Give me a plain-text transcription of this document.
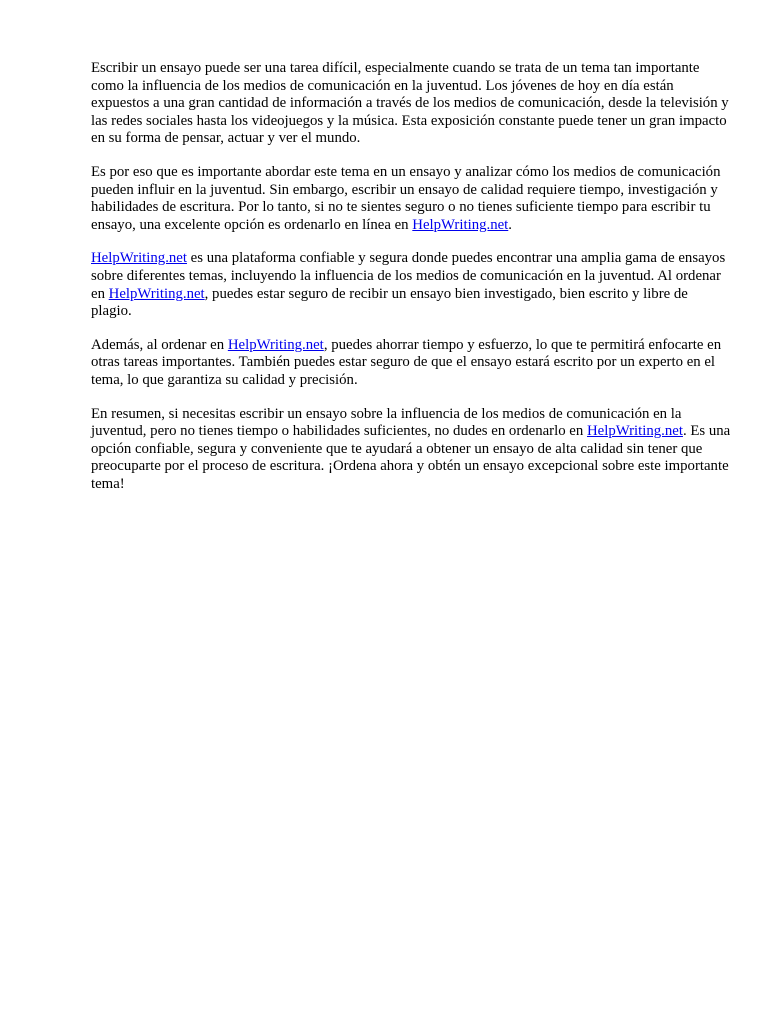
Escribir un ensayo puede ser una tarea difícil, especialmente cuando se trata de un tema tan importante como la influencia de los medios de comunicación en la juventud. Los jóvenes de hoy en día están expuestos a una gran cantidad de información a través de los medios de comunicación, desde la televisión y las redes sociales hasta los videojuegos y la música. Esta exposición constante puede tener un gran impacto en su forma de pensar, actuar y ver el mundo.

Es por eso que es importante abordar este tema en un ensayo y analizar cómo los medios de comunicación pueden influir en la juventud. Sin embargo, escribir un ensayo de calidad requiere tiempo, investigación y habilidades de escritura. Por lo tanto, si no te sientes seguro o no tienes suficiente tiempo para escribir tu ensayo, una excelente opción es ordenarlo en línea en HelpWriting.net.

HelpWriting.net es una plataforma confiable y segura donde puedes encontrar una amplia gama de ensayos sobre diferentes temas, incluyendo la influencia de los medios de comunicación en la juventud. Al ordenar en HelpWriting.net, puedes estar seguro de recibir un ensayo bien investigado, bien escrito y libre de plagio.

Además, al ordenar en HelpWriting.net, puedes ahorrar tiempo y esfuerzo, lo que te permitirá enfocarte en otras tareas importantes. También puedes estar seguro de que el ensayo estará escrito por un experto en el tema, lo que garantiza su calidad y precisión.

En resumen, si necesitas escribir un ensayo sobre la influencia de los medios de comunicación en la juventud, pero no tienes tiempo o habilidades suficientes, no dudes en ordenarlo en HelpWriting.net. Es una opción confiable, segura y conveniente que te ayudará a obtener un ensayo de alta calidad sin tener que preocuparte por el proceso de escritura. ¡Ordena ahora y obtén un ensayo excepcional sobre este importante tema!
